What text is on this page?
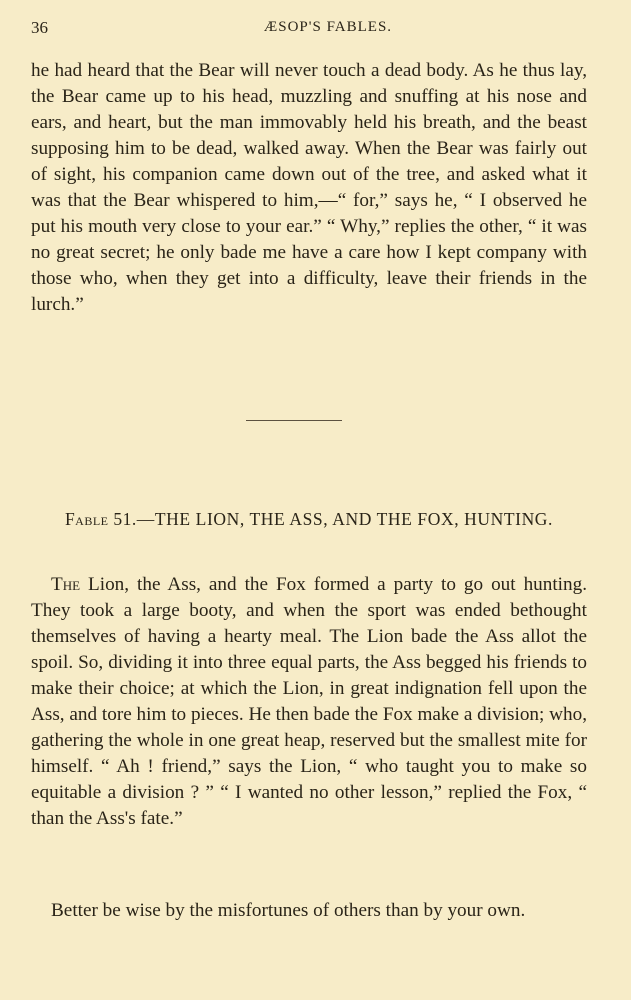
36	ÆSOP'S FABLES.

he had heard that the Bear will never touch a dead body. As he thus lay, the Bear came up to his head, muzzling and snuffing at his nose and ears, and heart, but the man immovably held his breath, and the beast supposing him to be dead, walked away. When the Bear was fairly out of sight, his companion came down out of the tree, and asked what it was that the Bear whispered to him,—“ for,” says he, “ I observed he put his mouth very close to your ear.” “ Why,” replies the other, “ it was no great secret; he only bade me have a care how I kept company with those who, when they get into a difficulty, leave their friends in the lurch.”

Fable 51.—THE LION, THE ASS, AND THE FOX, HUNTING.

The Lion, the Ass, and the Fox formed a party to go out hunting. They took a large booty, and when the sport was ended bethought themselves of having a hearty meal. The Lion bade the Ass allot the spoil. So, dividing it into three equal parts, the Ass begged his friends to make their choice; at which the Lion, in great indignation fell upon the Ass, and tore him to pieces. He then bade the Fox make a division; who, gathering the whole in one great heap, reserved but the smallest mite for himself. “ Ah ! friend,” says the Lion, “ who taught you to make so equitable a division ? ” “ I wanted no other lesson,” replied the Fox, “ than the Ass's fate.”

Better be wise by the misfortunes of others than by your own.
